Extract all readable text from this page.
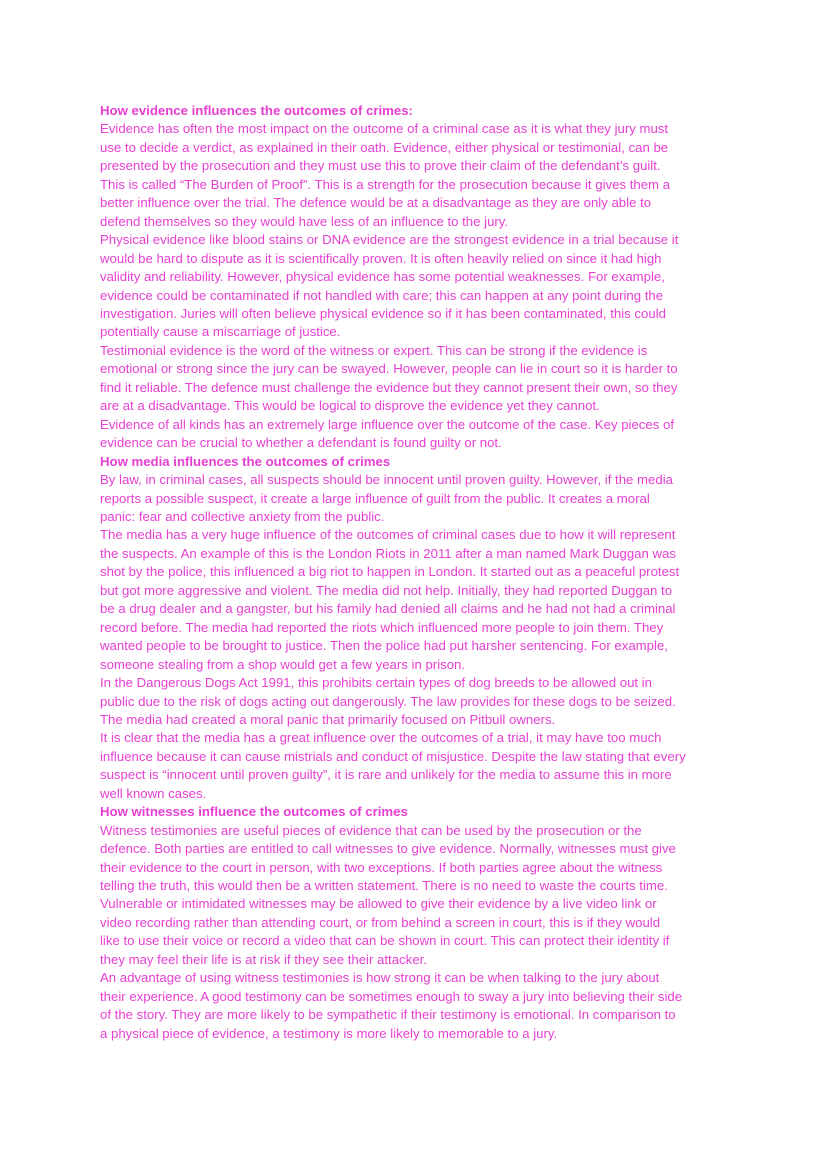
How evidence influences the outcomes of crimes:
Evidence has often the most impact on the outcome of a criminal case as it is what they jury must
use to decide a verdict, as explained in their oath. Evidence, either physical or testimonial, can be
presented by the prosecution and they must use this to prove their claim of the defendant’s guilt.
This is called “The Burden of Proof”. This is a strength for the prosecution because it gives them a
better influence over the trial. The defence would be at a disadvantage as they are only able to
defend themselves so they would have less of an influence to the jury.
Physical evidence like blood stains or DNA evidence are the strongest evidence in a trial because it
would be hard to dispute as it is scientifically proven. It is often heavily relied on since it had high
validity and reliability. However, physical evidence has some potential weaknesses. For example,
evidence could be contaminated if not handled with care; this can happen at any point during the
investigation. Juries will often believe physical evidence so if it has been contaminated, this could
potentially cause a miscarriage of justice.
Testimonial evidence is the word of the witness or expert. This can be strong if the evidence is
emotional or strong since the jury can be swayed. However, people can lie in court so it is harder to
find it reliable. The defence must challenge the evidence but they cannot present their own, so they
are at a disadvantage. This would be logical to disprove the evidence yet they cannot.
Evidence of all kinds has an extremely large influence over the outcome of the case. Key pieces of
evidence can be crucial to whether a defendant is found guilty or not.
How media influences the outcomes of crimes
By law, in criminal cases, all suspects should be innocent until proven guilty. However, if the media
reports a possible suspect, it create a large influence of guilt from the public. It creates a moral
panic: fear and collective anxiety from the public.
The media has a very huge influence of the outcomes of criminal cases due to how it will represent
the suspects. An example of this is the London Riots in 2011 after a man named Mark Duggan was
shot by the police, this influenced a big riot to happen in London. It started out as a peaceful protest
but got more aggressive and violent. The media did not help. Initially, they had reported Duggan to
be a drug dealer and a gangster, but his family had denied all claims and he had not had a criminal
record before. The media had reported the riots which influenced more people to join them. They
wanted people to be brought to justice. Then the police had put harsher sentencing. For example,
someone stealing from a shop would get a few years in prison.
In the Dangerous Dogs Act 1991, this prohibits certain types of dog breeds to be allowed out in
public due to the risk of dogs acting out dangerously. The law provides for these dogs to be seized.
The media had created a moral panic that primarily focused on Pitbull owners.
It is clear that the media has a great influence over the outcomes of a trial, it may have too much
influence because it can cause mistrials and conduct of misjustice. Despite the law stating that every
suspect is “innocent until proven guilty”, it is rare and unlikely for the media to assume this in more
well known cases.
How witnesses influence the outcomes of crimes
Witness testimonies are useful pieces of evidence that can be used by the prosecution or the
defence. Both parties are entitled to call witnesses to give evidence. Normally, witnesses must give
their evidence to the court in person, with two exceptions. If both parties agree about the witness
telling the truth, this would then be a written statement. There is no need to waste the courts time.
Vulnerable or intimidated witnesses may be allowed to give their evidence by a live video link or
video recording rather than attending court, or from behind a screen in court, this is if they would
like to use their voice or record a video that can be shown in court. This can protect their identity if
they may feel their life is at risk if they see their attacker.
An advantage of using witness testimonies is how strong it can be when talking to the jury about
their experience. A good testimony can be sometimes enough to sway a jury into believing their side
of the story. They are more likely to be sympathetic if their testimony is emotional. In comparison to
a physical piece of evidence, a testimony is more likely to memorable to a jury.
